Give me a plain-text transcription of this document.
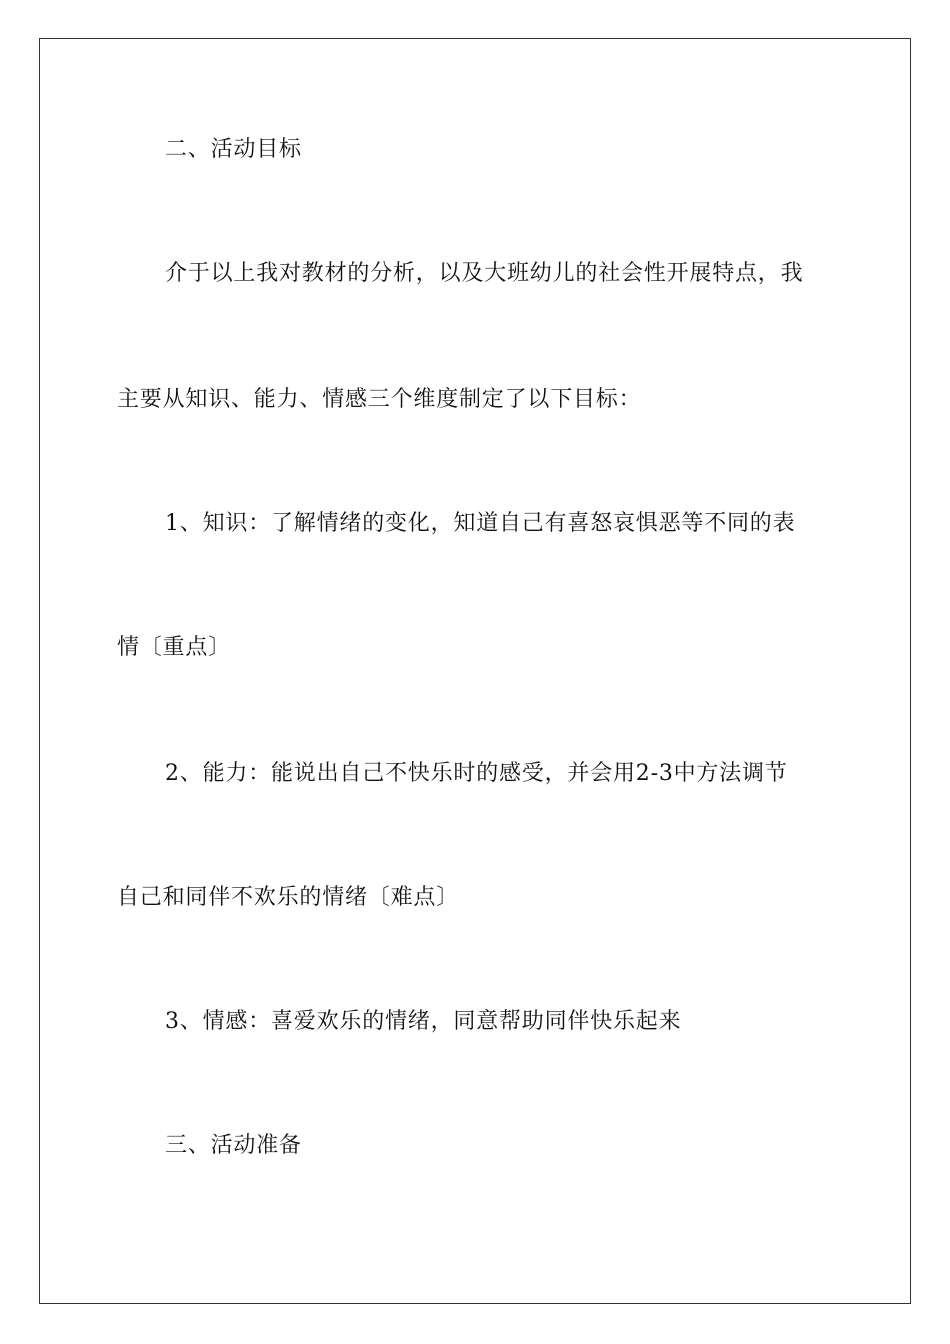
二、活动目标
介于以上我对教材的分析，以及大班幼儿的社会性开展特点，我
主要从知识、能力、情感三个维度制定了以下目标：
1、知识：了解情绪的变化，知道自己有喜怒哀惧恶等不同的表
情〔重点〕
2、能力：能说出自己不快乐时的感受，并会用2-3中方法调节
自己和同伴不欢乐的情绪〔难点〕
3、情感：喜爱欢乐的情绪，同意帮助同伴快乐起来
三、活动准备
